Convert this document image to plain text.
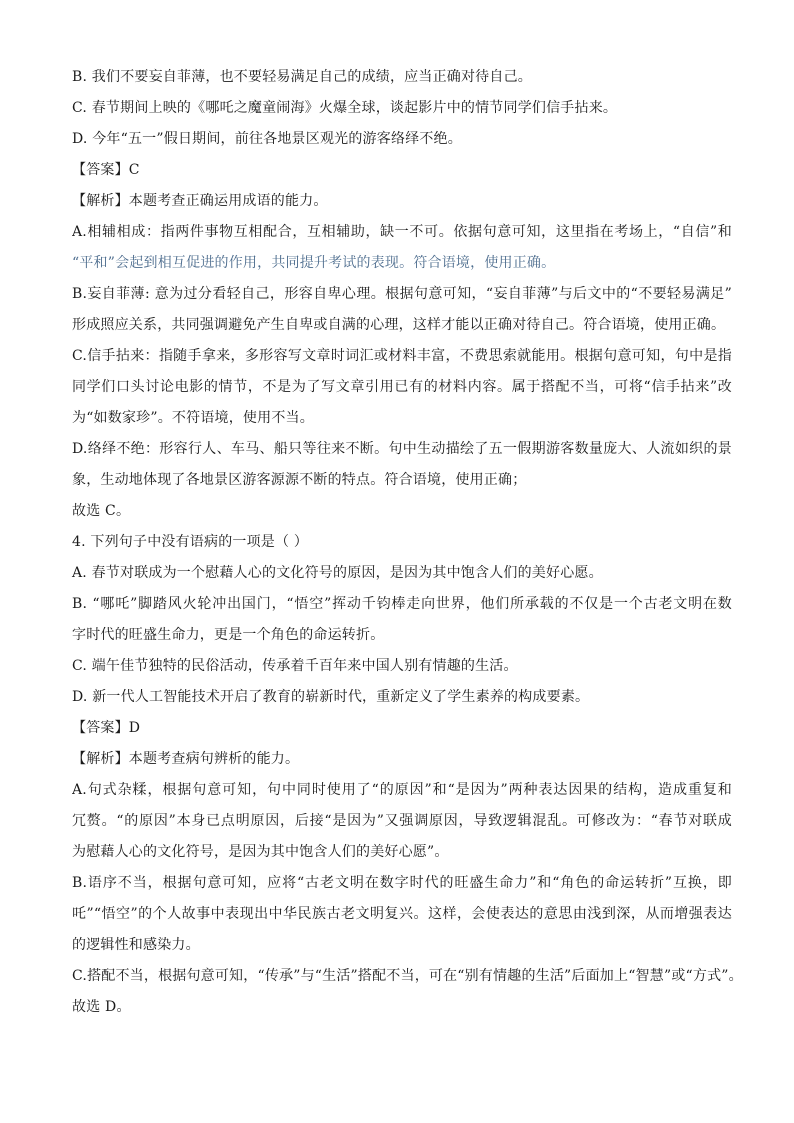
B. 我们不要妄自菲薄，也不要轻易满足自己的成绩，应当正确对待自己。
C. 春节期间上映的《哪吒之魔童闹海》火爆全球，谈起影片中的情节同学们信手拈来。
D. 今年“五一”假日期间，前往各地景区观光的游客络绎不绝。
【答案】C
【解析】本题考查正确运用成语的能力。
A.相辅相成：指两件事物互相配合，互相辅助，缺一不可。依据句意可知，这里指在考场上，“自信”和
“平和”会起到相互促进的作用，共同提升考试的表现。符合语境，使用正确。
B.妄自菲薄: 意为过分看轻自己，形容自卑心理。根据句意可知，“妄自菲薄”与后文中的“不要轻易满足”
形成照应关系，共同强调避免产生自卑或自满的心理，这样才能以正确对待自己。符合语境，使用正确。
C.信手拈来：指随手拿来，多形容写文章时词汇或材料丰富，不费思索就能用。根据句意可知，句中是指
同学们口头讨论电影的情节，不是为了写文章引用已有的材料内容。属于搭配不当，可将“信手拈来”改
为“如数家珍”。不符语境，使用不当。
D.络绎不绝：形容行人、车马、船只等往来不断。句中生动描绘了五一假期游客数量庞大、人流如织的景
象，生动地体现了各地景区游客源源不断的特点。符合语境，使用正确；
故选 C。
4. 下列句子中没有语病的一项是（ ）
A. 春节对联成为一个慰藉人心的文化符号的原因，是因为其中饱含人们的美好心愿。
B. “哪吒”脚踏风火轮冲出国门，“悟空”挥动千钧棒走向世界，他们所承载的不仅是一个古老文明在数
字时代的旺盛生命力，更是一个角色的命运转折。
C. 端午佳节独特的民俗活动，传承着千百年来中国人别有情趣的生活。
D. 新一代人工智能技术开启了教育的崭新时代，重新定义了学生素养的构成要素。
【答案】D
【解析】本题考查病句辨析的能力。
A.句式杂糅，根据句意可知，句中同时使用了“的原因”和“是因为”两种表达因果的结构，造成重复和
冗赘。“的原因”本身已点明原因，后接“是因为”又强调原因，导致逻辑混乱。可修改为：“春节对联成
为慰藉人心的文化符号，是因为其中饱含人们的美好心愿”。
B.语序不当，根据句意可知，应将“古老文明在数字时代的旺盛生命力”和“角色的命运转折”互换，即
吒”“悟空”的个人故事中表现出中华民族古老文明复兴。这样，会使表达的意思由浅到深，从而增强表达
的逻辑性和感染力。
C.搭配不当，根据句意可知，“传承”与“生活”搭配不当，可在“别有情趣的生活”后面加上“智慧”或“方式”。
故选 D。
